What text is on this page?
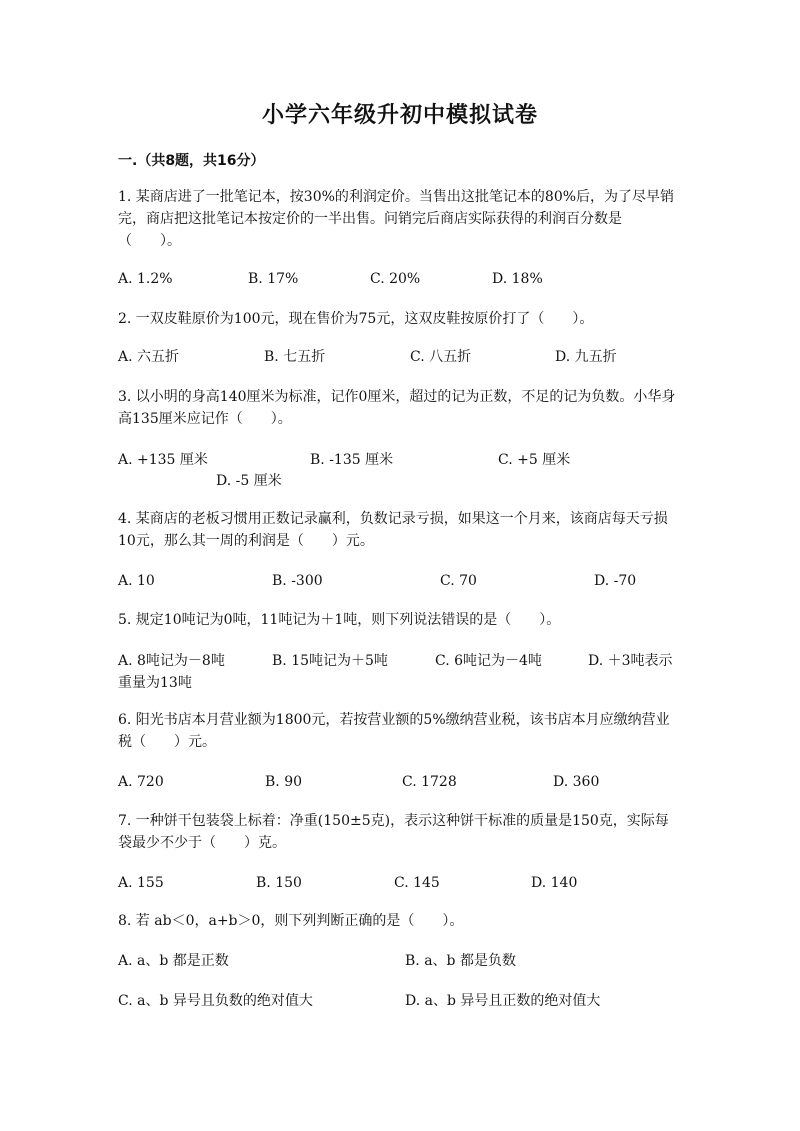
小学六年级升初中模拟试卷
一.（共8题，共16分）
1. 某商店进了一批笔记本，按30%的利润定价。当售出这批笔记本的80%后，为了尽早销完，商店把这批笔记本按定价的一半出售。问销完后商店实际获得的利润百分数是（　　）。
A. 1.2%	B. 17%	C. 20%	D. 18%
2. 一双皮鞋原价为100元，现在售价为75元，这双皮鞋按原价打了（　　）。
A. 六五折	B. 七五折	C. 八五折	D. 九五折
3. 以小明的身高140厘米为标准，记作0厘米，超过的记为正数，不足的记为负数。小华身高135厘米应记作（　　）。
A. +135 厘米	B. -135 厘米	C. +5 厘米
D. -5 厘米
4. 某商店的老板习惯用正数记录赢利，负数记录亏损，如果这一个月来，该商店每天亏损10元，那么其一周的利润是（　　）元。
A. 10	B. -300	C. 70	D. -70
5. 规定10吨记为0吨，11吨记为＋1吨，则下列说法错误的是（　　）。
A. 8吨记为－8吨	B. 15吨记为＋5吨	C. 6吨记为－4吨	D. ＋3吨表示重量为13吨
6. 阳光书店本月营业额为1800元，若按营业额的5%缴纳营业税，该书店本月应缴纳营业税（　　）元。
A. 720	B. 90	C. 1728	D. 360
7. 一种饼干包装袋上标着：净重(150±5克)，表示这种饼干标准的质量是150克，实际每袋最少不少于（　　）克。
A. 155	B. 150	C. 145	D. 140
8. 若 ab＜0，a+b＞0，则下列判断正确的是（　　）。
A. a、b 都是正数	B. a、b 都是负数
C. a、b 异号且负数的绝对值大	D. a、b 异号且正数的绝对值大
